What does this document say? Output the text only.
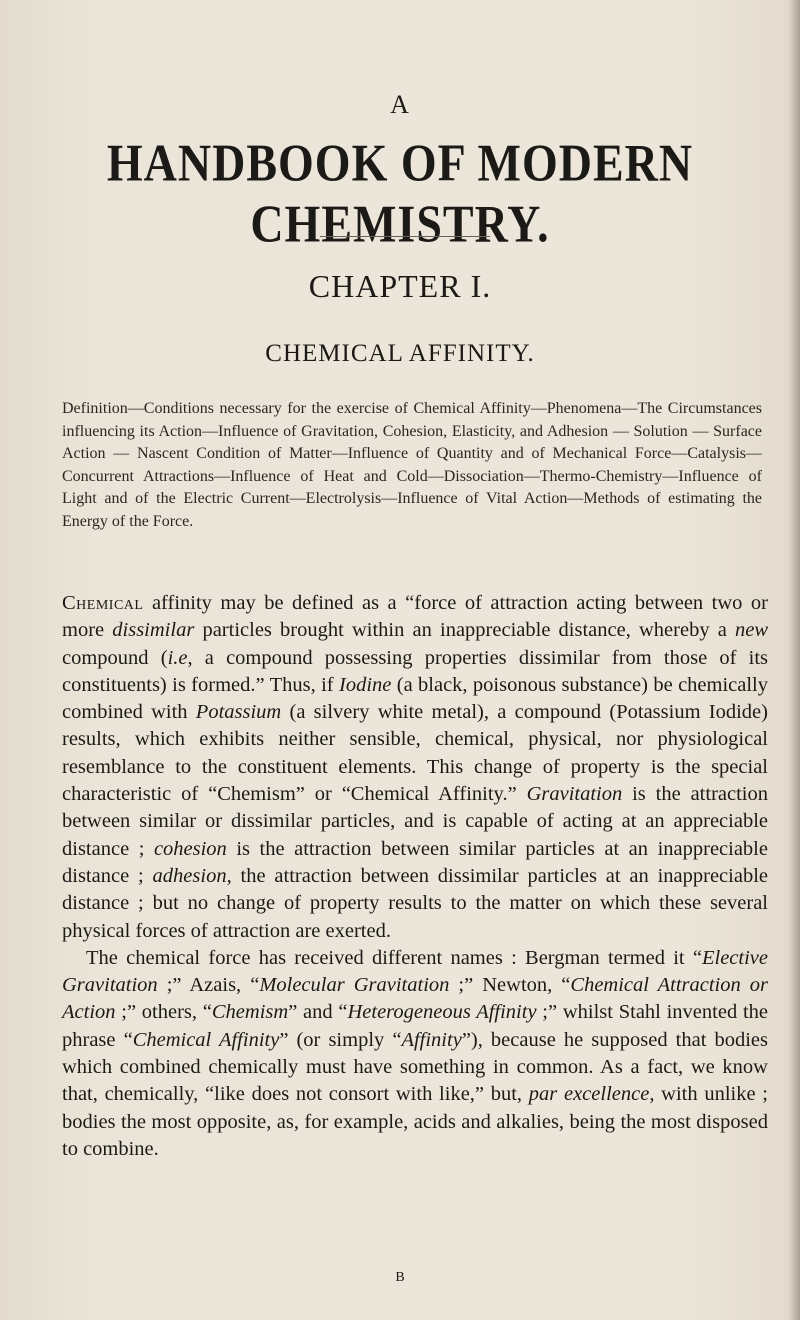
A
HANDBOOK OF MODERN CHEMISTRY.
CHAPTER I.
CHEMICAL AFFINITY.
Definition—Conditions necessary for the exercise of Chemical Affinity—Phenomena—The Circumstances influencing its Action—Influence of Gravitation, Cohesion, Elasticity, and Adhesion — Solution — Surface Action — Nascent Condition of Matter—Influence of Quantity and of Mechanical Force—Catalysis—Concurrent Attractions—Influence of Heat and Cold—Dissociation—Thermo-Chemistry—Influence of Light and of the Electric Current—Electrolysis—Influence of Vital Action—Methods of estimating the Energy of the Force.

Chemical affinity may be defined as a “force of attraction acting between two or more dissimilar particles brought within an inappreciable distance, whereby a new compound (i.e, a compound possessing properties dissimilar from those of its constituents) is formed.” Thus, if Iodine (a black, poisonous substance) be chemically combined with Potassium (a silvery white metal), a compound (Potassium Iodide) results, which exhibits neither sensible, chemical, physical, nor physiological resemblance to the constituent elements. This change of property is the special characteristic of “Chemism” or “Chemical Affinity.” Gravitation is the attraction between similar or dissimilar particles, and is capable of acting at an appreciable distance ; cohesion is the attraction between similar particles at an inappreciable distance ; adhesion, the attraction between dissimilar particles at an inappreciable distance ; but no change of property results to the matter on which these several physical forces of attraction are exerted.

The chemical force has received different names : Bergman termed it “Elective Gravitation ;” Azais, “Molecular Gravitation ;” Newton, “Chemical Attraction or Action ;” others, “Chemism” and “Heterogeneous Affinity ;” whilst Stahl invented the phrase “Chemical Affinity” (or simply “Affinity”), because he supposed that bodies which combined chemically must have something in common. As a fact, we know that, chemically, “like does not consort with like,” but, par excellence, with unlike ; bodies the most opposite, as, for example, acids and alkalies, being the most disposed to combine.

B
